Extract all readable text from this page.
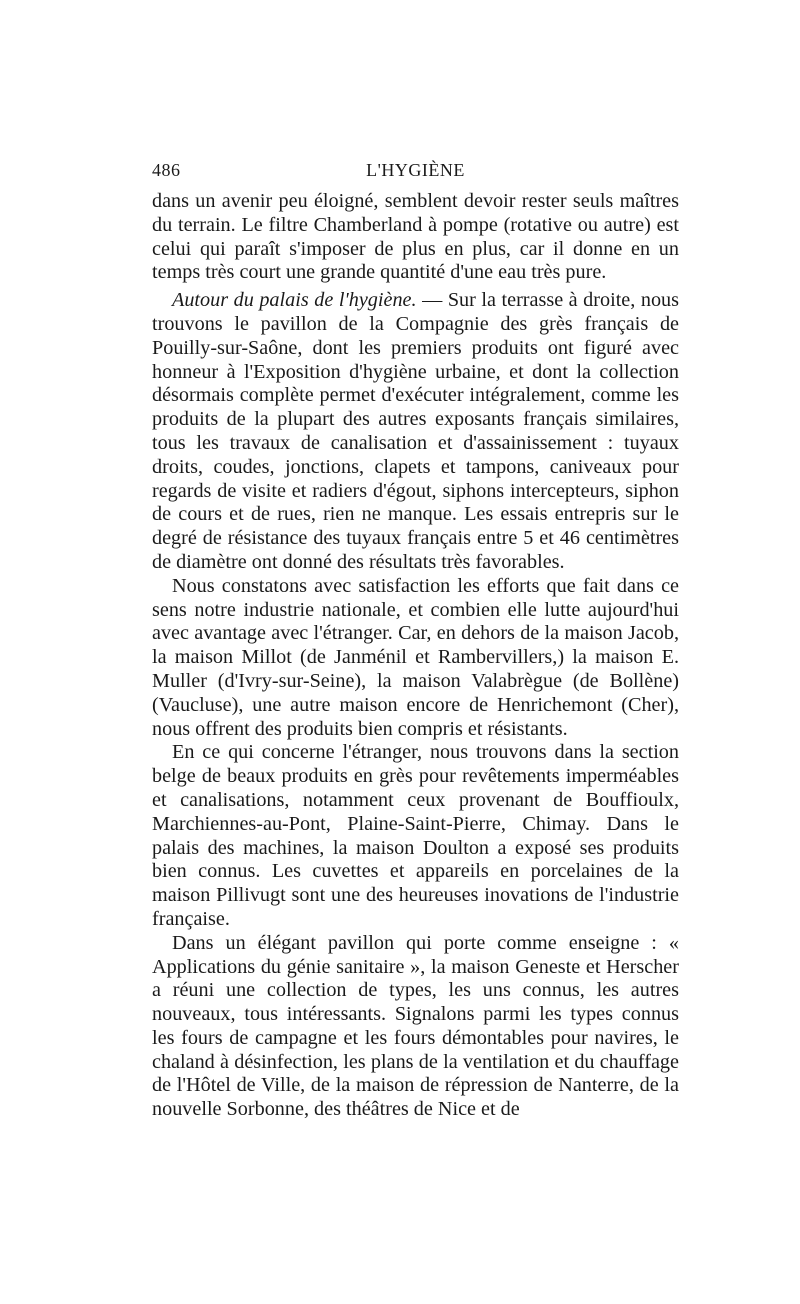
486	L'HYGIÈNE

dans un avenir peu éloigné, semblent devoir rester seuls maîtres du terrain. Le filtre Chamberland à pompe (rotative ou autre) est celui qui paraît s'imposer de plus en plus, car il donne en un temps très court une grande quantité d'une eau très pure.

Autour du palais de l'hygiène. — Sur la terrasse à droite, nous trouvons le pavillon de la Compagnie des grès français de Pouilly-sur-Saône, dont les premiers produits ont figuré avec honneur à l'Exposition d'hygiène urbaine, et dont la collection désormais complète permet d'exécuter intégralement, comme les produits de la plupart des autres exposants français similaires, tous les travaux de canalisation et d'assainissement : tuyaux droits, coudes, jonctions, clapets et tampons, caniveaux pour regards de visite et radiers d'égout, siphons intercepteurs, siphon de cours et de rues, rien ne manque. Les essais entrepris sur le degré de résistance des tuyaux français entre 5 et 46 centimètres de diamètre ont donné des résultats très favorables.

Nous constatons avec satisfaction les efforts que fait dans ce sens notre industrie nationale, et combien elle lutte aujourd'hui avec avantage avec l'étranger. Car, en dehors de la maison Jacob, la maison Millot (de Janménil et Rambervillers,) la maison E. Muller (d'Ivry-sur-Seine), la maison Valabrègue (de Bollène) (Vaucluse), une autre maison encore de Henrichemont (Cher), nous offrent des produits bien compris et résistants.

En ce qui concerne l'étranger, nous trouvons dans la section belge de beaux produits en grès pour revêtements imperméables et canalisations, notamment ceux provenant de Bouffioulx, Marchiennes-au-Pont, Plaine-Saint-Pierre, Chimay. Dans le palais des machines, la maison Doulton a exposé ses produits bien connus. Les cuvettes et appareils en porcelaines de la maison Pillivugt sont une des heureuses inovations de l'industrie française.

Dans un élégant pavillon qui porte comme enseigne : « Applications du génie sanitaire », la maison Geneste et Herscher a réuni une collection de types, les uns connus, les autres nouveaux, tous intéressants. Signalons parmi les types connus les fours de campagne et les fours démontables pour navires, le chaland à désinfection, les plans de la ventilation et du chauffage de l'Hôtel de Ville, de la maison de répression de Nanterre, de la nouvelle Sorbonne, des théâtres de Nice et de
